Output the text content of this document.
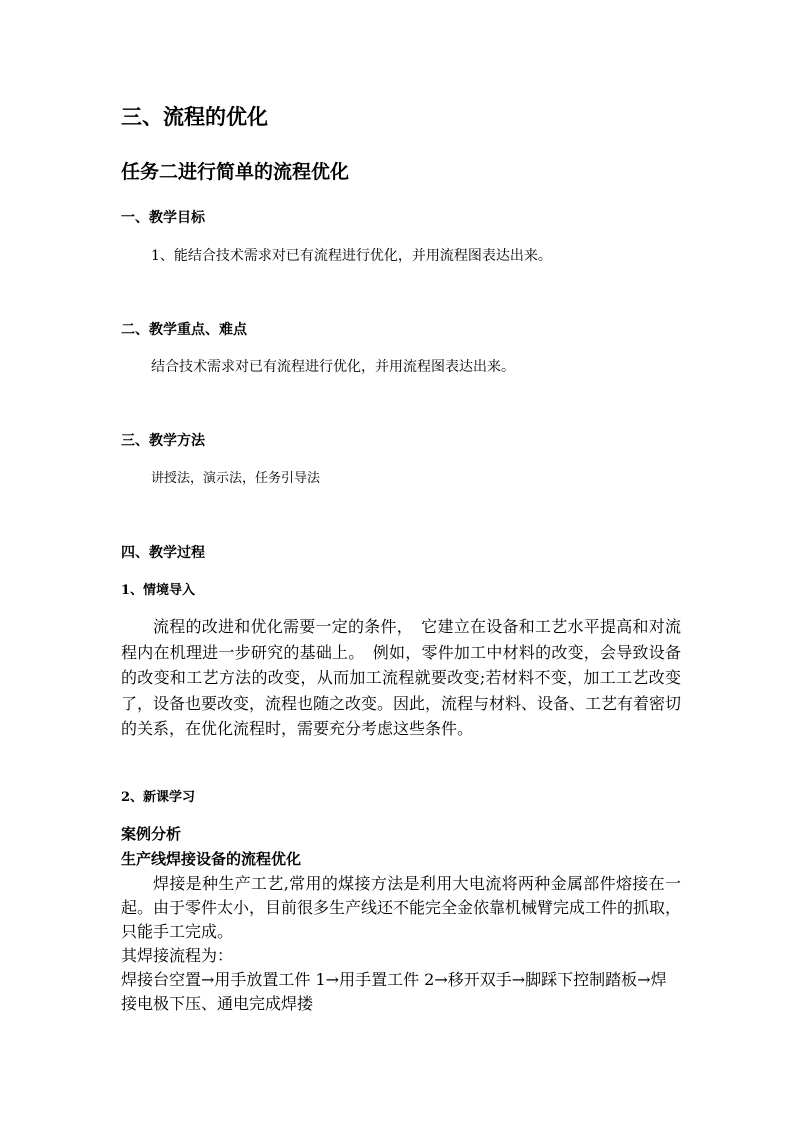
三、流程的优化

任务二进行简单的流程优化

一、教学目标

1、能结合技术需求对已有流程进行优化，并用流程图表达出来。

二、教学重点、难点

结合技术需求对已有流程进行优化，并用流程图表达出来。

三、教学方法

讲授法，演示法，任务引导法

四、教学过程

1、情境导入

流程的改进和优化需要一定的条件，　它建立在设备和工艺水平提高和对流程内在机理进一步研究的基础上。　例如，零件加工中材料的改变，会导致设备的改变和工艺方法的改变，从而加工流程就要改变;若材料不变，加工工艺改变了，设备也要改变，流程也随之改变。因此，流程与材料、设备、工艺有着密切的关系，在优化流程时，需要充分考虑这些条件。

2、新课学习

案例分析

生产线焊接设备的流程优化

焊接是种生产工艺,常用的煤接方法是利用大电流将两种金属部件熔接在一起。由于零件太小，目前很多生产线还不能完全金依靠机械臂完成工件的抓取，只能手工完成。

其焊接流程为：

焊接台空置→用手放置工件 1→用手置工件 2→移开双手→脚踩下控制踏板→焊接电极下压、通电完成焊搂
